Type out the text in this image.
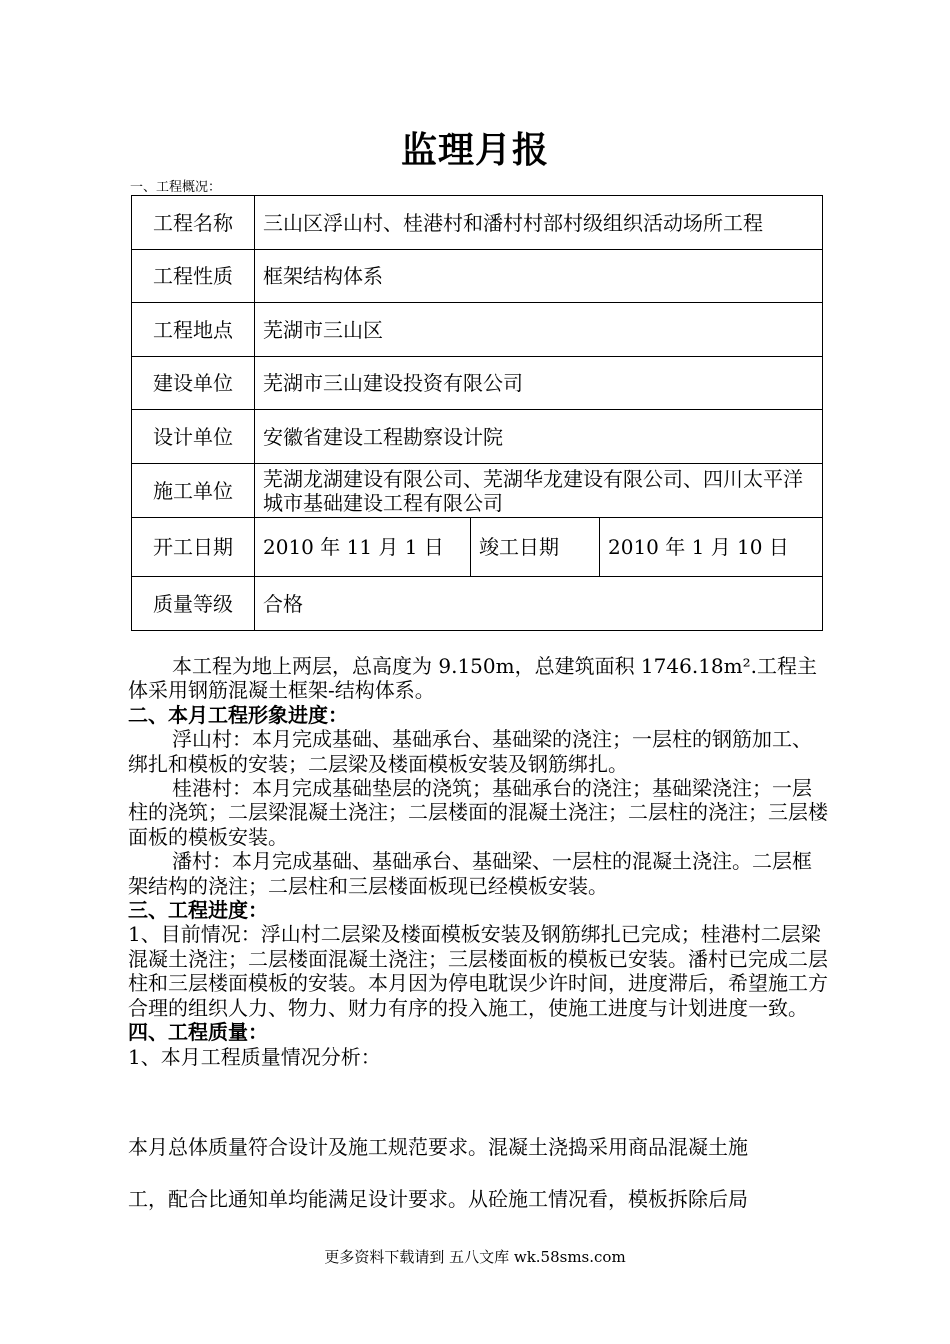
监理月报
一、工程概况：
工程名称	三山区浮山村、桂港村和潘村村部村级组织活动场所工程		
工程性质	框架结构体系		
工程地点	芜湖市三山区		
建设单位	芜湖市三山建设投资有限公司		
设计单位	安徽省建设工程勘察设计院		
施工单位	芜湖龙湖建设有限公司、芜湖华龙建设有限公司、四川太平洋城市基础建设工程有限公司		
开工日期	2010 年 11 月 1 日	竣工日期	2010 年 1 月 10 日
质量等级	合格		

本工程为地上两层，总高度为 9.150m，总建筑面积 1746.18m².工程主体采用钢筋混凝土框架-结构体系。

二、本月工程形象进度：

浮山村：本月完成基础、基础承台、基础梁的浇注；一层柱的钢筋加工、绑扎和模板的安装；二层梁及楼面模板安装及钢筋绑扎。

桂港村：本月完成基础垫层的浇筑；基础承台的浇注；基础梁浇注；一层柱的浇筑；二层梁混凝土浇注；二层楼面的混凝土浇注；二层柱的浇注；三层楼面板的模板安装。

潘村：本月完成基础、基础承台、基础梁、一层柱的混凝土浇注。二层框架结构的浇注；二层柱和三层楼面板现已经模板安装。

三、工程进度：

1、目前情况：浮山村二层梁及楼面模板安装及钢筋绑扎已完成；桂港村二层梁混凝土浇注；二层楼面混凝土浇注；三层楼面板的模板已安装。潘村已完成二层柱和三层楼面模板的安装。本月因为停电耽误少许时间，进度滞后，希望施工方合理的组织人力、物力、财力有序的投入施工，使施工进度与计划进度一致。

四、工程质量：

1、本月工程质量情况分析：

本月总体质量符合设计及施工规范要求。混凝土浇捣采用商品混凝土施

工，配合比通知单均能满足设计要求。从砼施工情况看，模板拆除后局

更多资料下载请到 五八文库 wk.58sms.com
